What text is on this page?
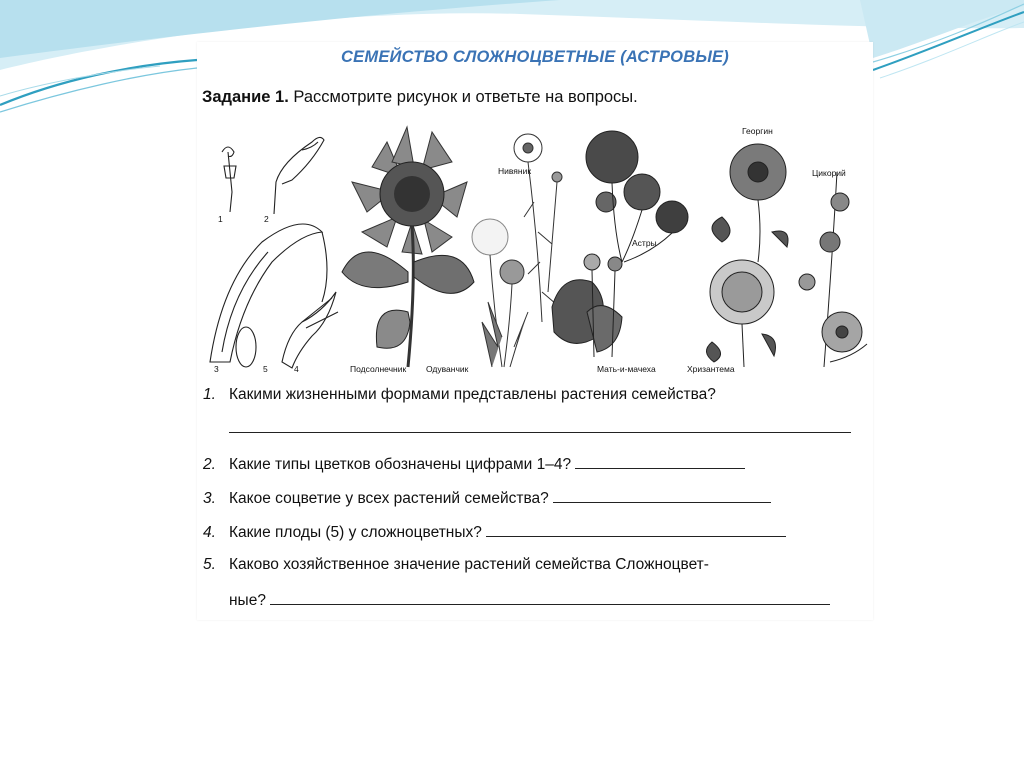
СЕМЕЙСТВО СЛОЖНОЦВЕТНЫЕ (АСТРОВЫЕ)
Задание 1. Рассмотрите рисунок и ответьте на вопросы.
1	2
3	5	4	Подсолнечник Одуванчик
Нивяник
Астры
Мать-и-мачеха
Георгин
Цикорий
Хризантема
1. Какими жизненными формами представлены растения семейства?
2. Какие типы цветков обозначены цифрами 1–4?
3. Какое соцветие у всех растений семейства?
4. Какие плоды (5) у сложноцветных?
5. Каково хозяйственное значение растений семейства Сложноцвет-
ные?
